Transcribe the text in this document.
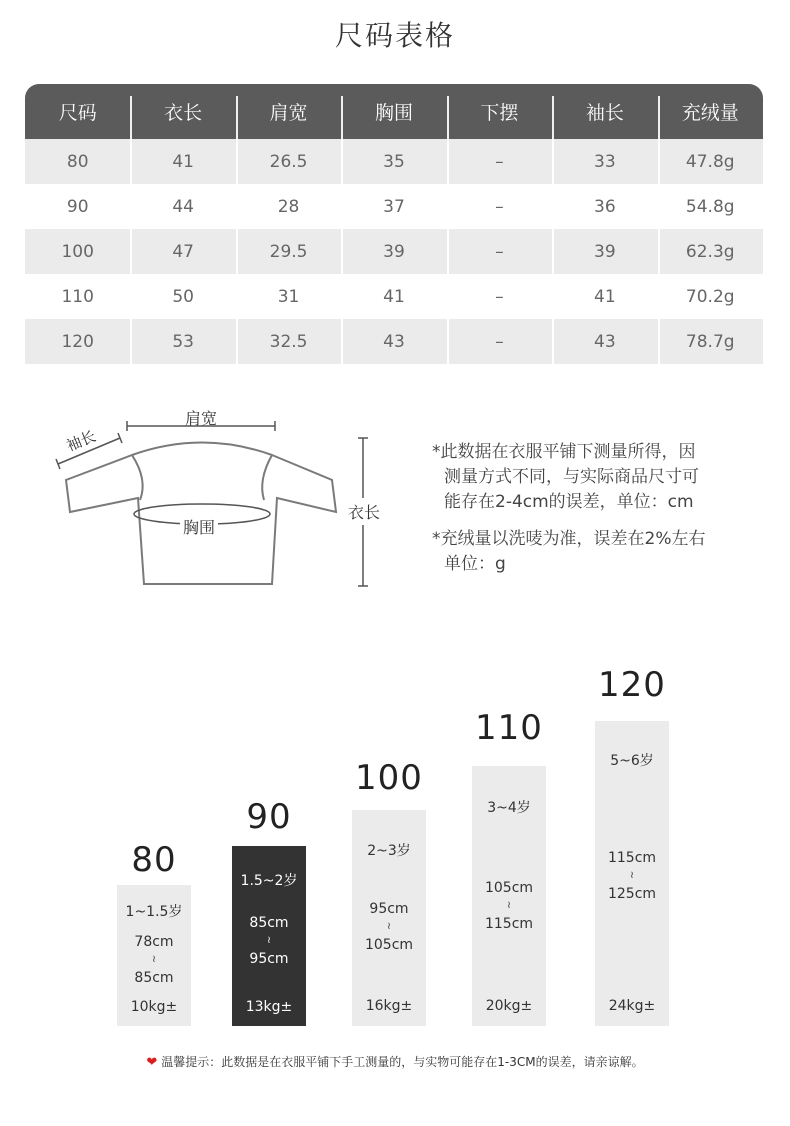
尺码表格
尺码	衣长	肩宽	胸围	下摆	袖长	充绒量
80	41	26.5	35	–	33	47.8g
90	44	28	37	–	36	54.8g
100	47	29.5	39	–	39	62.3g
110	50	31	41	–	41	70.2g
120	53	32.5	43	–	43	78.7g
肩宽
袖长
胸围
衣长

*此数据在衣服平铺下测量所得，因
测量方式不同，与实际商品尺寸可
能存在2-4cm的误差，单位：cm

*充绒量以洗唛为准，误差在2%左右
单位：g

80
1~1.5岁
78cm
≀
85cm
10kg±
90
1.5~2岁
85cm
≀
95cm
13kg±
100
2~3岁
95cm
≀
105cm
16kg±
110
3~4岁
105cm
≀
115cm
20kg±
120
5~6岁
115cm
≀
125cm
24kg±
❤ 温馨提示：此数据是在衣服平铺下手工测量的，与实物可能存在1-3CM的误差，请亲谅解。
